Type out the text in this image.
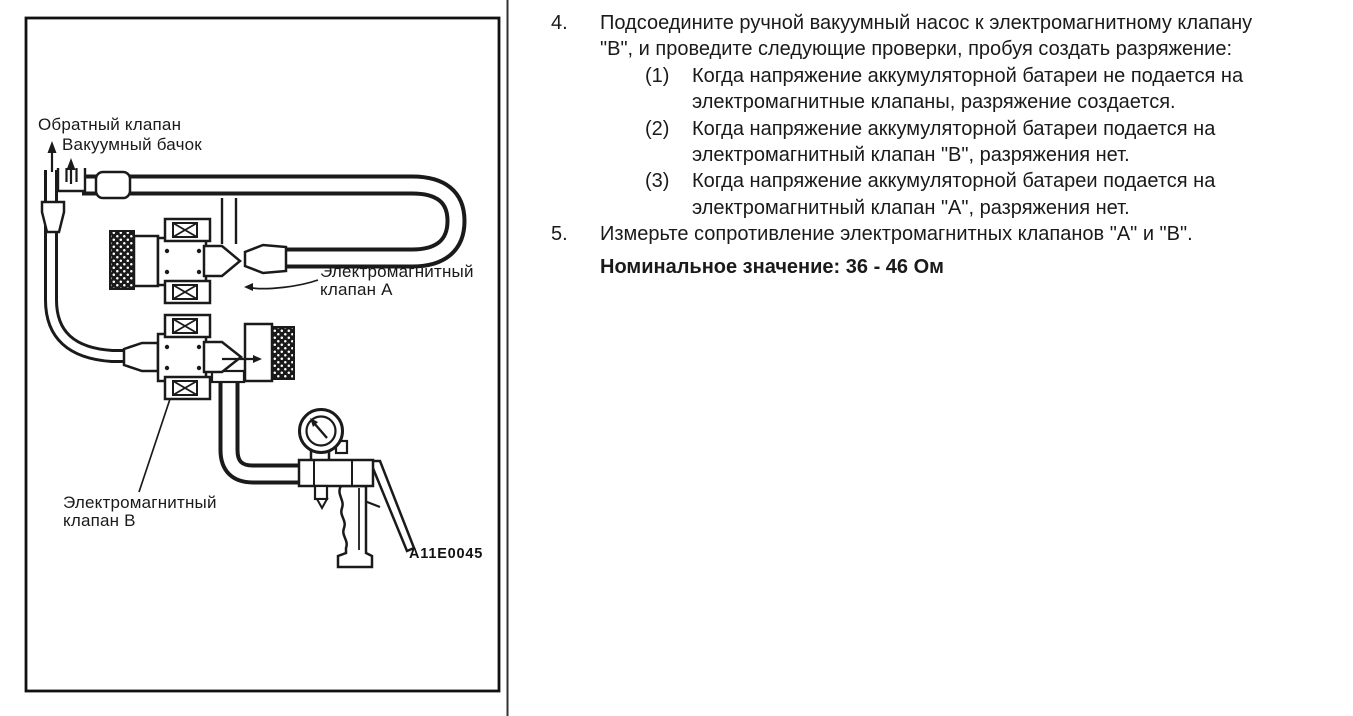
Обратный клапан
Вакуумный бачок
Электромагнитный
клапан A
Электромагнитный
клапан B
A11E0045
4.	Подсоедините ручной вакуумный насос к электромагнитному клапану
"B", и проведите следующие проверки, пробуя создать разряжение:
(1)	Когда напряжение аккумуляторной батареи не подается на
электромагнитные клапаны, разряжение создается.
(2)	Когда напряжение аккумуляторной батареи подается на
электромагнитный клапан "B", разряжения нет.
(3)	Когда напряжение аккумуляторной батареи подается на
электромагнитный клапан "A", разряжения нет.
5.	Измерьте сопротивление электромагнитных клапанов "A" и "B".
Номинальное значение: 36 - 46 Ом
